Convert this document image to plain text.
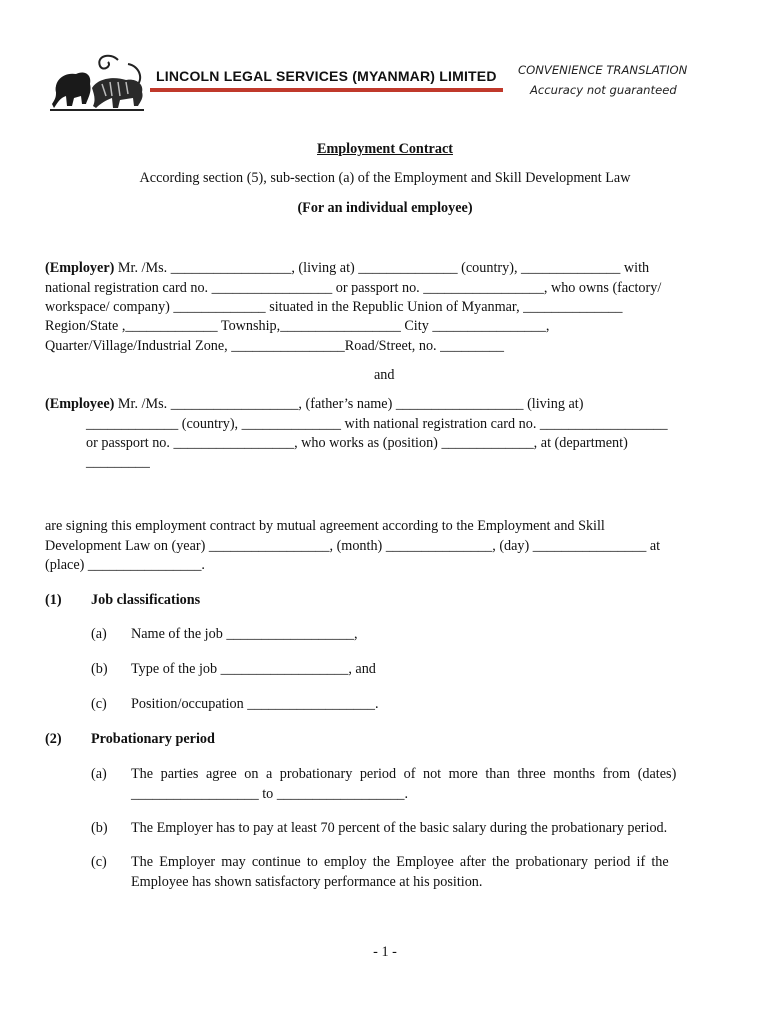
LINCOLN LEGAL SERVICES (MYANMAR) LIMITED CONVENIENCE TRANSLATION
Accuracy not guaranteed
Employment Contract
According section (5), sub-section (a) of the Employment and Skill Development Law
(For an individual employee)
(Employer) Mr. /Ms. _________________, (living at) ______________ (country), ______________ with
national registration card no. _________________ or passport no. _________________, who owns (factory/
workspace/ company) _____________ situated in the Republic Union of Myanmar, ______________
Region/State ,_____________ Township,_________________ City ________________,
Quarter/Village/Industrial Zone, ________________Road/Street, no. _________
and
(Employee) Mr. /Ms. __________________, (father’s name) __________________ (living at)
_____________ (country), ______________ with national registration card no. __________________
or passport no. _________________, who works as (position) _____________, at (department)
_________
are signing this employment contract by mutual agreement according to the Employment and Skill
Development Law on (year) _________________, (month) _______________, (day) ________________ at
(place) ________________.
(1) Job classifications
(a) Name of the job __________________,
(b) Type of the job __________________, and
(c) Position/occupation __________________.
(2) Probationary period
(a) The parties agree on a probationary period of not more than three months from (dates)
__________________ to __________________.
(b) The Employer has to pay at least 70 percent of the basic salary during the probationary period.
(c) The Employer may continue to employ the Employee after the probationary period if the
Employee has shown satisfactory performance at his position.
- 1 -
